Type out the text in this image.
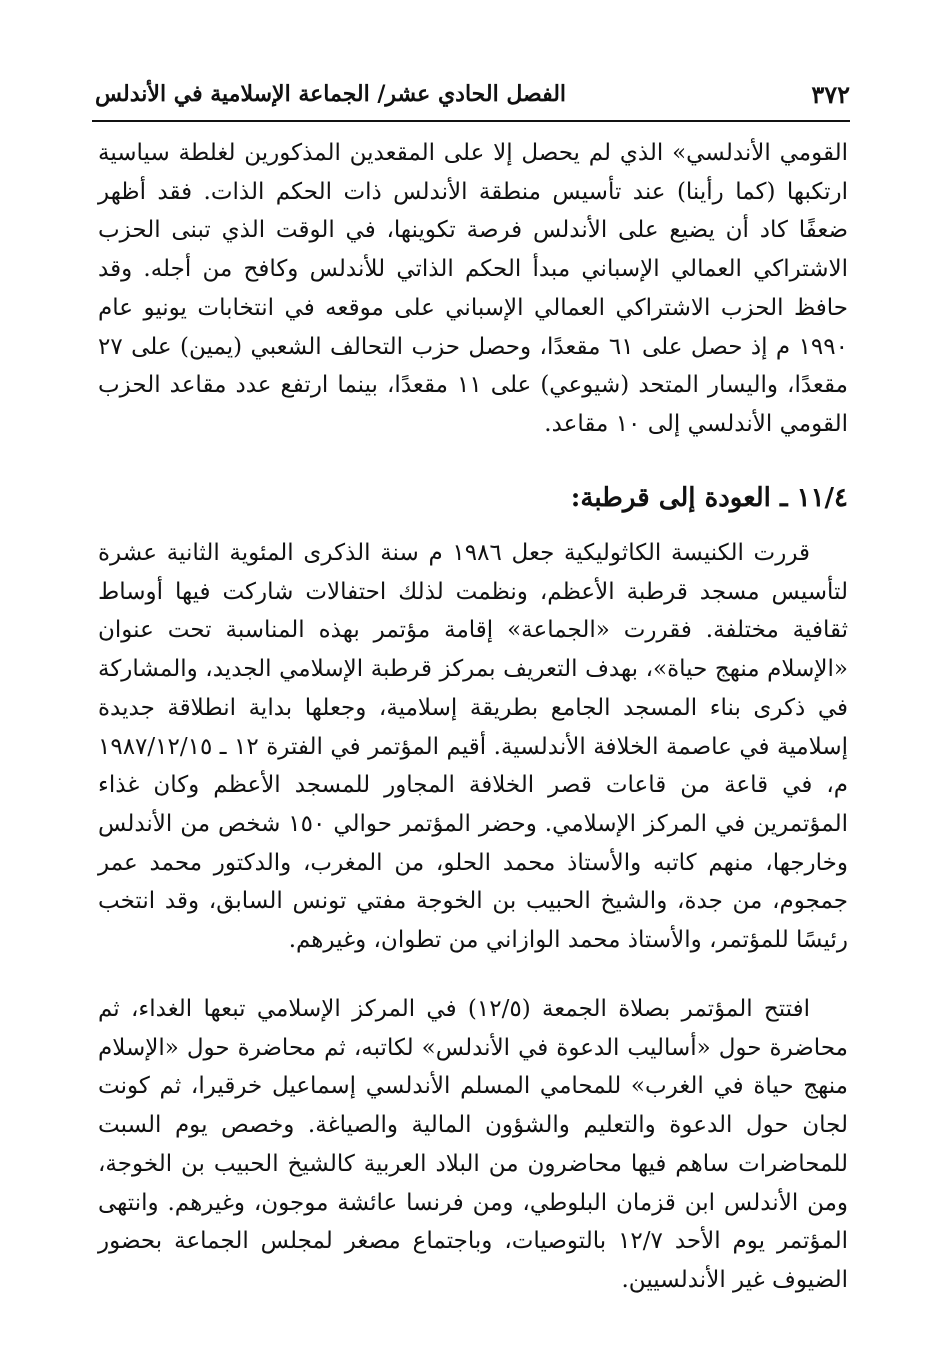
٣٧٢
الفصل الحادي عشر/ الجماعة الإسلامية في الأندلس

القومي الأندلسي» الذي لم يحصل إلا على المقعدين المذكورين لغلطة سياسية ارتكبها (كما رأينا) عند تأسيس منطقة الأندلس ذات الحكم الذات. فقد أظهر ضعفًا كاد أن يضيع على الأندلس فرصة تكوينها، في الوقت الذي تبنى الحزب الاشتراكي العمالي الإسباني مبدأ الحكم الذاتي للأندلس وكافح من أجله. وقد حافظ الحزب الاشتراكي العمالي الإسباني على موقعه في انتخابات يونيو عام ١٩٩٠ م إذ حصل على ٦١ مقعدًا، وحصل حزب التحالف الشعبي (يمين) على ٢٧ مقعدًا، واليسار المتحد (شيوعي) على ١١ مقعدًا، بينما ارتفع عدد مقاعد الحزب القومي الأندلسي إلى ١٠ مقاعد.

١١/٤ ـ العودة إلى قرطبة:

قررت الكنيسة الكاثوليكية جعل ١٩٨٦ م سنة الذكرى المئوية الثانية عشرة لتأسيس مسجد قرطبة الأعظم، ونظمت لذلك احتفالات شاركت فيها أوساط ثقافية مختلفة. فقررت «الجماعة» إقامة مؤتمر بهذه المناسبة تحت عنوان «الإسلام منهج حياة»، بهدف التعريف بمركز قرطبة الإسلامي الجديد، والمشاركة في ذكرى بناء المسجد الجامع بطريقة إسلامية، وجعلها بداية انطلاقة جديدة إسلامية في عاصمة الخلافة الأندلسية. أقيم المؤتمر في الفترة ١٢ ـ ١٩٨٧/١٢/١٥ م، في قاعة من قاعات قصر الخلافة المجاور للمسجد الأعظم وكان غذاء المؤتمرين في المركز الإسلامي. وحضر المؤتمر حوالي ١٥٠ شخص من الأندلس وخارجها، منهم كاتبه والأستاذ محمد الحلو، من المغرب، والدكتور محمد عمر جمجوم، من جدة، والشيخ الحبيب بن الخوجة مفتي تونس السابق، وقد انتخب رئيسًا للمؤتمر، والأستاذ محمد الوازاني من تطوان، وغيرهم.

افتتح المؤتمر بصلاة الجمعة (١٢/٥) في المركز الإسلامي تبعها الغداء، ثم محاضرة حول «أساليب الدعوة في الأندلس» لكاتبه، ثم محاضرة حول «الإسلام منهج حياة في الغرب» للمحامي المسلم الأندلسي إسماعيل خرقيرا، ثم كونت لجان حول الدعوة والتعليم والشؤون المالية والصياغة. وخصص يوم السبت للمحاضرات ساهم فيها محاضرون من البلاد العربية كالشيخ الحبيب بن الخوجة، ومن الأندلس ابن قزمان البلوطي، ومن فرنسا عائشة موجون، وغيرهم. وانتهى المؤتمر يوم الأحد ١٢/٧ بالتوصيات، وباجتماع مصغر لمجلس الجماعة بحضور الضيوف غير الأندلسيين.
